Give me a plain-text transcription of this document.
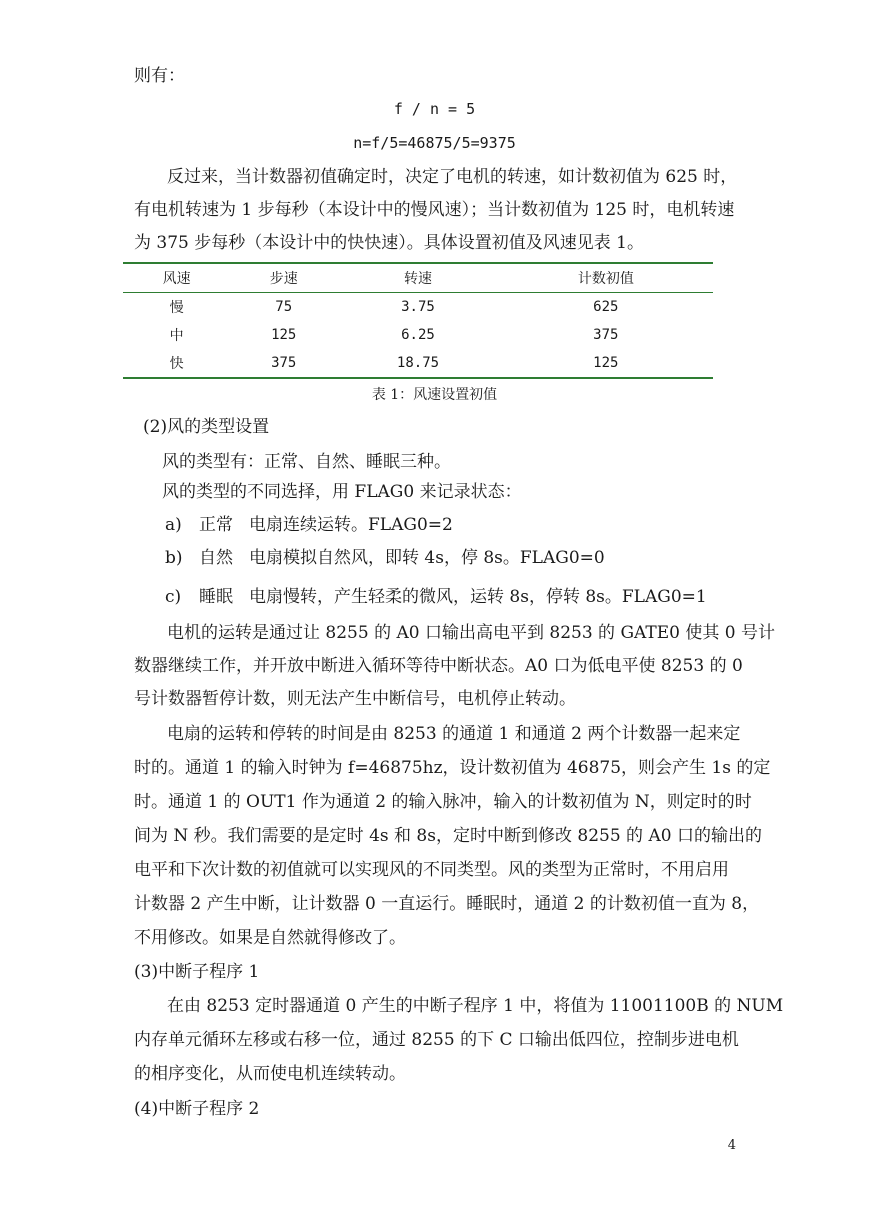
则有：
f / n = 5
n=f/5=46875/5=9375
反过来，当计数器初值确定时，决定了电机的转速，如计数初值为 625 时，
有电机转速为 1 步每秒（本设计中的慢风速）；当计数初值为 125 时，电机转速
为 375 步每秒（本设计中的快快速）。具体设置初值及风速见表 1。
风速	步速	转速	计数初值
慢	75	3.75	625
中	125	6.25	375
快	375	18.75	125
表 1：风速设置初值
(2)风的类型设置
风的类型有：正常、自然、睡眠三种。
风的类型的不同选择，用 FLAG0 来记录状态：
a) 正常 电扇连续运转。FLAG0=2
b) 自然 电扇模拟自然风，即转 4s，停 8s。FLAG0=0
c) 睡眠 电扇慢转，产生轻柔的微风，运转 8s，停转 8s。FLAG0=1
电机的运转是通过让 8255 的 A0 口输出高电平到 8253 的 GATE0 使其 0 号计
数器继续工作，并开放中断进入循环等待中断状态。A0 口为低电平使 8253 的 0
号计数器暂停计数，则无法产生中断信号，电机停止转动。
电扇的运转和停转的时间是由 8253 的通道 1 和通道 2 两个计数器一起来定
时的。通道 1 的输入时钟为 f=46875hz，设计数初值为 46875，则会产生 1s 的定
时。通道 1 的 OUT1 作为通道 2 的输入脉冲，输入的计数初值为 N，则定时的时
间为 N 秒。我们需要的是定时 4s 和 8s，定时中断到修改 8255 的 A0 口的输出的
电平和下次计数的初值就可以实现风的不同类型。风的类型为正常时，不用启用
计数器 2 产生中断，让计数器 0 一直运行。睡眠时，通道 2 的计数初值一直为 8，
不用修改。如果是自然就得修改了。
(3)中断子程序 1
在由 8253 定时器通道 0 产生的中断子程序 1 中，将值为 11001100B 的 NUM
内存单元循环左移或右移一位，通过 8255 的下 C 口输出低四位，控制步进电机
的相序变化，从而使电机连续转动。
(4)中断子程序 2
4
